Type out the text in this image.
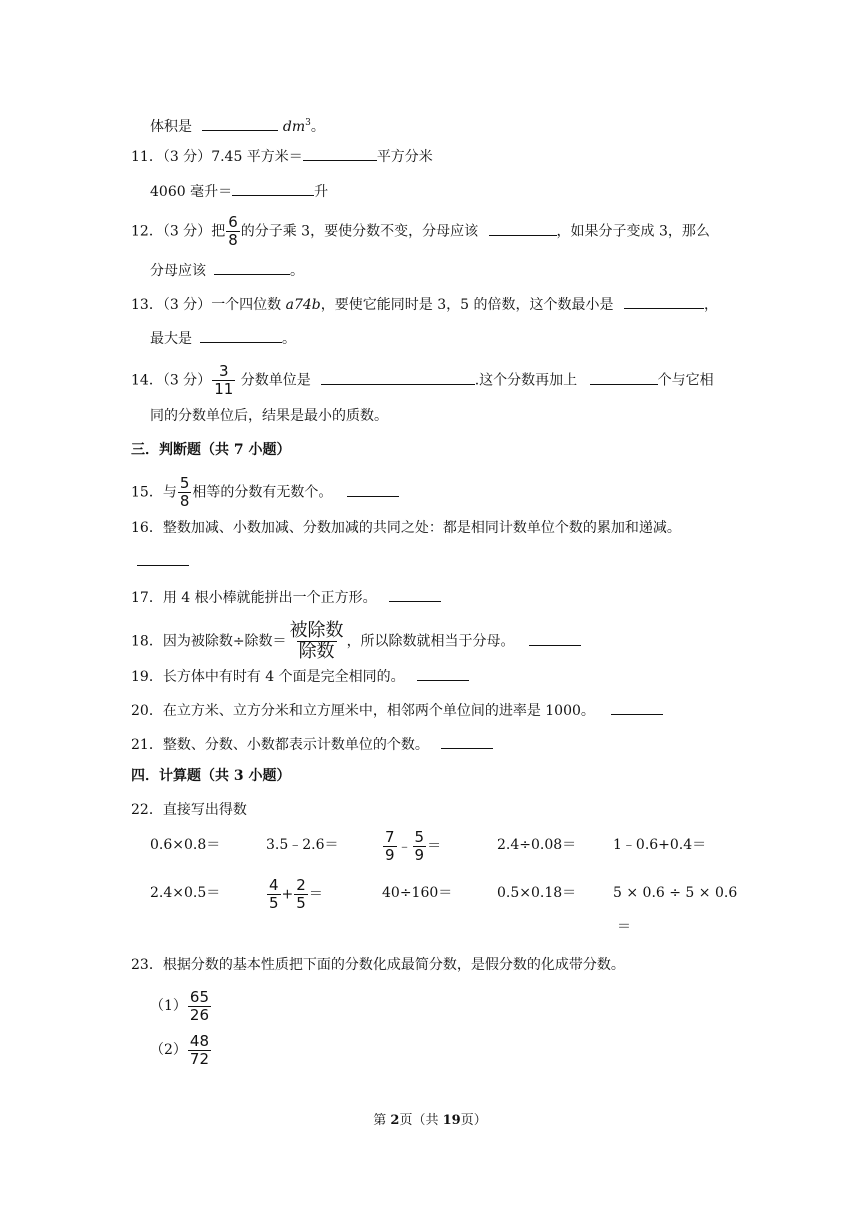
体积是	$dm^3$。
11．（3 分）7.45 平方米＝	平方分米
4060 毫升＝	升
12．（3 分）把 $\frac{6}{8}$ 的分子乘 3，要使分数不变，分母应该	，如果分子变成 3，那么
分母应该	。
13．（3 分）一个四位数 a74b，要使它能同时是 3，5 的倍数，这个数最小是	，
最大是	。
14．（3 分） $\frac{3}{11}$ 分数单位是	.这个分数再加上	个与它相
同的分数单位后，结果是最小的质数。
三．判断题（共 7 小题）
15．与 $\frac{5}{8}$ 相等的分数有无数个。
16．整数加减、小数加减、分数加减的共同之处：都是相同计数单位个数的累加和递减。
17．用 4 根小棒就能拼出一个正方形。
18．因为被除数÷除数＝
被除数
除数 ，所以除数就相当于分母。
19．长方体中有时有 4 个面是完全相同的。
20．在立方米、立方分米和立方厘米中，相邻两个单位间的进率是 1000。
21．整数、分数、小数都表示计数单位的个数。
四．计算题（共 3 小题）
22．直接写出得数
0.6×0.8＝	3.5﹣2.6＝	$\frac{7}{9}$ ﹣ $\frac{5}{9}$ ＝	2.4÷0.08＝	1﹣0.6+0.4＝
2.4×0.5＝	$\frac{4}{5} + \frac{2}{5}$ ＝	40÷160＝	0.5×0.18＝	5 × 0.6 ÷ 5 × 0.6
＝
23．根据分数的基本性质把下面的分数化成最简分数，是假分数的化成带分数。
$(1) \frac{65}{26}$
$(2) \frac{48}{72}$
第 2页（共 19页）
